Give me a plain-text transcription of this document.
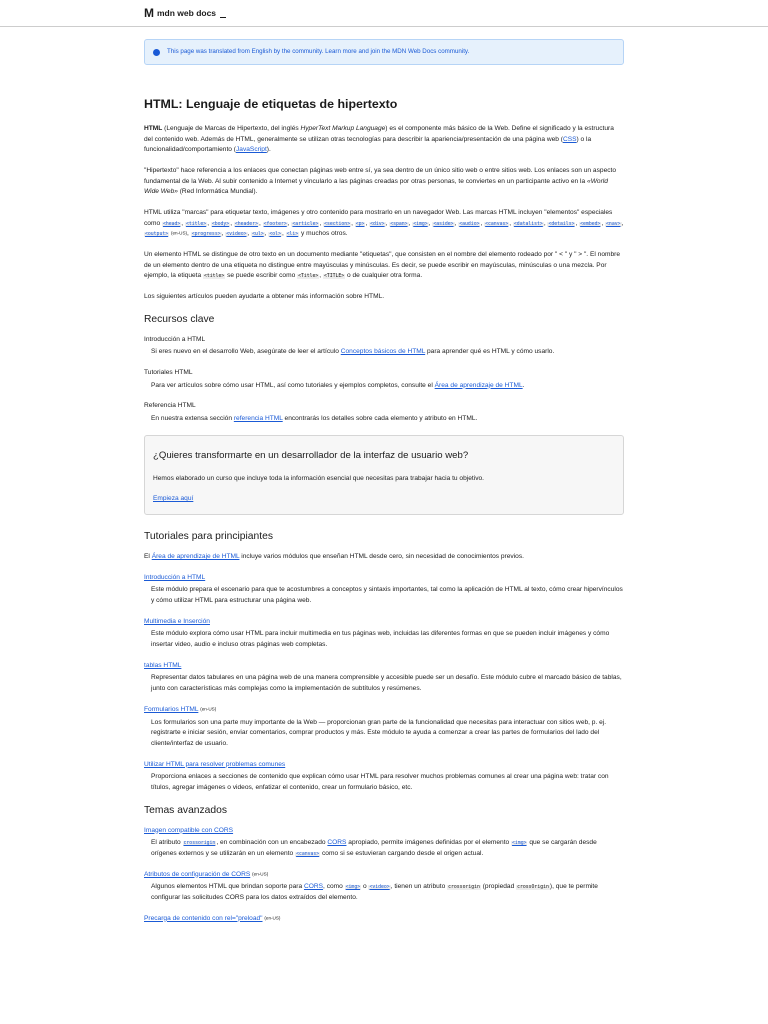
M mdn web docs
This page was translated from English by the community. Learn more and join the MDN Web Docs community.
HTML: Lenguaje de etiquetas de hipertexto

HTML (Lenguaje de Marcas de Hipertexto, del inglés HyperText Markup Language) es el componente más básico de la Web. Define el significado y la estructura del contenido web. Además de HTML, generalmente se utilizan otras tecnologías para describir la apariencia/presentación de una página web (CSS) o la funcionalidad/comportamiento (JavaScript).

"Hipertexto" hace referencia a los enlaces que conectan páginas web entre sí, ya sea dentro de un único sitio web o entre sitios web. Los enlaces son un aspecto fundamental de la Web. Al subir contenido a Internet y vincularlo a las páginas creadas por otras personas, te conviertes en un participante activo en la «World Wide Web» (Red Informática Mundial).

HTML utiliza "marcas" para etiquetar texto, imágenes y otro contenido para mostrarlo en un navegador Web. Las marcas HTML incluyen "elementos" especiales como <head>, <title>, <body>, <header>, <footer>, <article>, <section>, <p>, <div>, <span>, <img>, <aside>, <audio>, <canvas>, <datalist>, <details>, <embed>, <nav>, <output> (en-US), <progress>, <video>, <ul>, <ol>, <li> y muchos otros.

Un elemento HTML se distingue de otro texto en un documento mediante "etiquetas", que consisten en el nombre del elemento rodeado por " < " y " > ". El nombre de un elemento dentro de una etiqueta no distingue entre mayúsculas y minúsculas. Es decir, se puede escribir en mayúsculas, minúsculas o una mezcla. Por ejemplo, la etiqueta <title> se puede escribir como <Title>, <TITLE> o de cualquier otra forma.

Los siguientes artículos pueden ayudarte a obtener más información sobre HTML.

Recursos clave
Introducción a HTML
Si eres nuevo en el desarrollo Web, asegúrate de leer el artículo Conceptos básicos de HTML para aprender qué es HTML y cómo usarlo.
Tutoriales HTML
Para ver artículos sobre cómo usar HTML, así como tutoriales y ejemplos completos, consulte el Área de aprendizaje de HTML.
Referencia HTML
En nuestra extensa sección referencia HTML encontrarás los detalles sobre cada elemento y atributo en HTML.
¿Quieres transformarte en un desarrollador de la interfaz de usuario web?

Hemos elaborado un curso que incluye toda la información esencial que necesitas para trabajar hacia tu objetivo.

Empieza aquí
Tutoriales para principiantes

El Área de aprendizaje de HTML incluye varios módulos que enseñan HTML desde cero, sin necesidad de conocimientos previos.

Introducción a HTML
Este módulo prepara el escenario para que te acostumbres a conceptos y sintaxis importantes, tal como la aplicación de HTML al texto, cómo crear hipervínculos y cómo utilizar HTML para estructurar una página web.
Multimedia e Inserción
Este módulo explora cómo usar HTML para incluir multimedia en tus páginas web, incluidas las diferentes formas en que se pueden incluir imágenes y cómo insertar video, audio e incluso otras páginas web completas.
tablas HTML
Representar datos tabulares en una página web de una manera comprensible y accesible puede ser un desafío. Este módulo cubre el marcado básico de tablas, junto con características más complejas como la implementación de subtítulos y resúmenes.
Formularios HTML (en-US)
Los formularios son una parte muy importante de la Web — proporcionan gran parte de la funcionalidad que necesitas para interactuar con sitios web, p. ej. registrarte e iniciar sesión, enviar comentarios, comprar productos y más. Este módulo te ayuda a comenzar a crear las partes de formularios del lado del cliente/interfaz de usuario.
Utilizar HTML para resolver problemas comunes
Proporciona enlaces a secciones de contenido que explican cómo usar HTML para resolver muchos problemas comunes al crear una página web: tratar con títulos, agregar imágenes o videos, enfatizar el contenido, crear un formulario básico, etc.
Temas avanzados
Imagen compatible con CORS
El atributo crossorigin, en combinación con un encabezado CORS apropiado, permite imágenes definidas por el elemento <img> que se cargarán desde orígenes externos y se utilizarán en un elemento <canvas> como si se estuvieran cargando desde el origen actual.
Atributos de configuración de CORS (en-US)
Algunos elementos HTML que brindan soporte para CORS, como <img> o <video>, tienen un atributo crossorigin (propiedad crossOrigin), que te permite configurar las solicitudes CORS para los datos extraídos del elemento.
Precarga de contenido con rel="preload" (en-US)
